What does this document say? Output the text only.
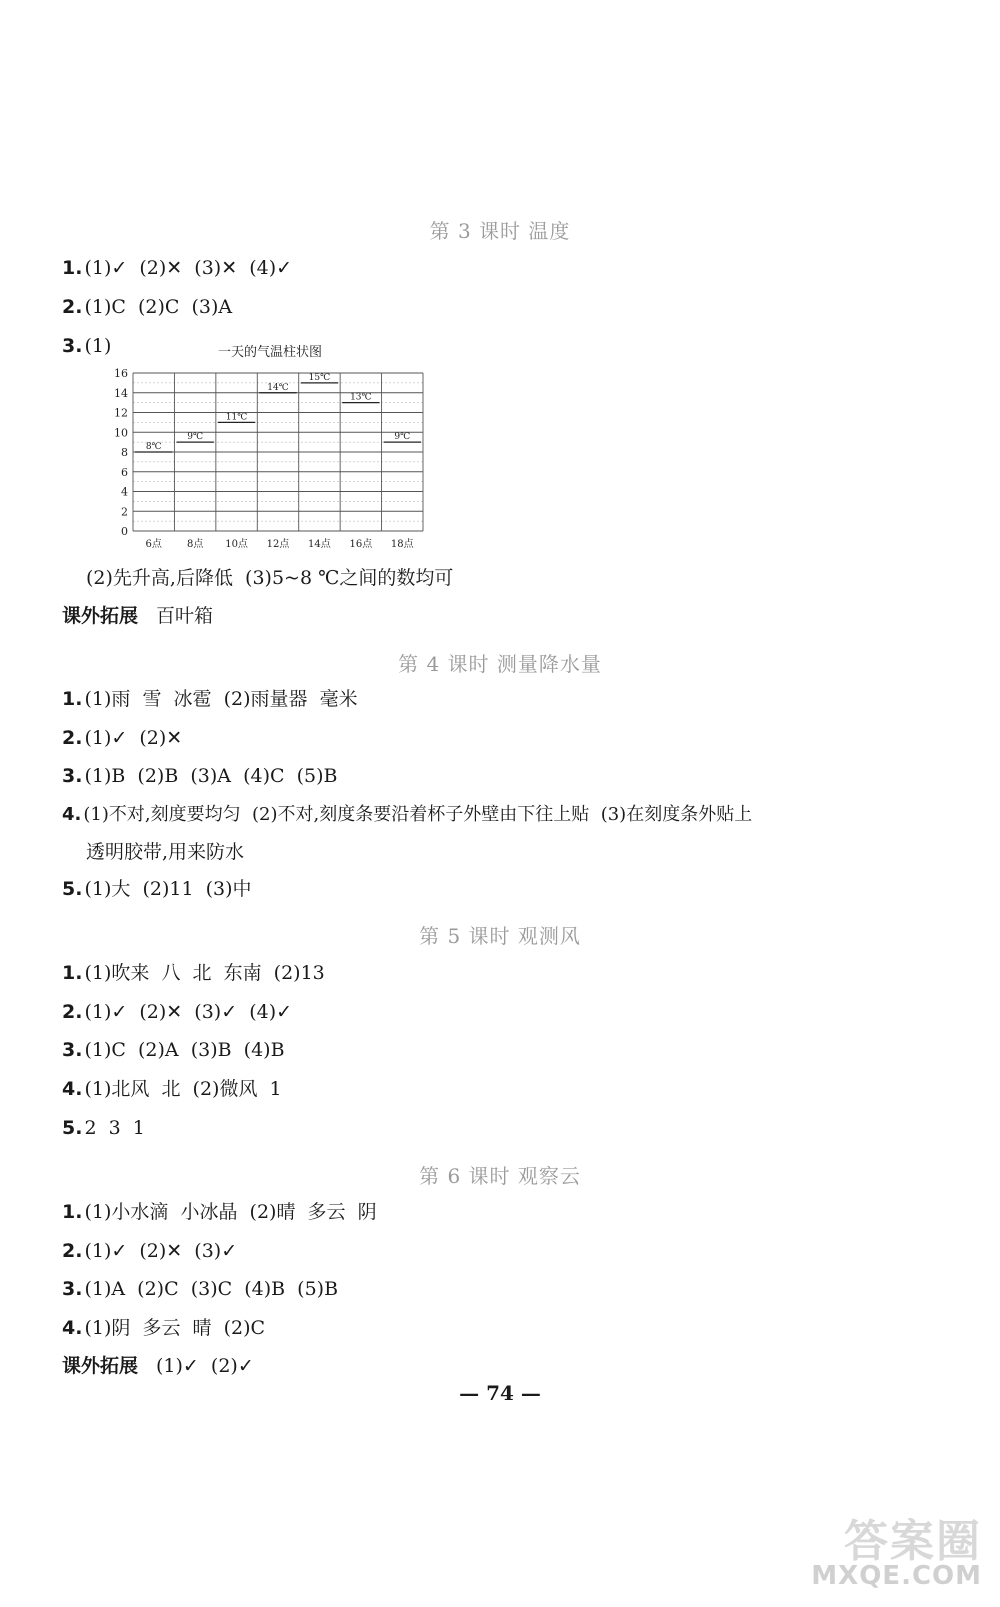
第 3 课时 温度
1. (1)✓  (2)✕  (3)✕  (4)✓
2. (1)C  (2)C  (3)A
3. (1)	一天的气温柱状图
8℃
9℃
11℃
14℃
15℃
13℃
9℃
0
2
4
6
8
10
12
14
16
6点	8点 10点 12点 14点 16点 18点
(2)先升高,后降低  (3)5~8 ℃之间的数均可
课外拓展 百叶箱
第 4 课时 测量降水量
1. (1)雨  雪  冰雹  (2)雨量器  毫米
2. (1)✓  (2)✕
3. (1)B  (2)B  (3)A  (4)C  (5)B
4. (1)不对,刻度要均匀  (2)不对,刻度条要沿着杯子外壁由下往上贴  (3)在刻度条外贴上
透明胶带,用来防水
5. (1)大  (2)11  (3)中
第 5 课时 观测风
1. (1)吹来  八  北  东南  (2)13
2. (1)✓  (2)✕  (3)✓  (4)✓
3. (1)C  (2)A  (3)B  (4)B
4. (1)北风  北  (2)微风  1
5. 2  3  1
第 6 课时 观察云
1. (1)小水滴  小冰晶  (2)晴  多云  阴
2. (1)✓  (2)✕  (3)✓
3. (1)A  (2)C  (3)C  (4)B  (5)B
4. (1)阴  多云  晴  (2)C
课外拓展 (1)✓  (2)✓
— 74 —
答案圈
MXQE.COM
